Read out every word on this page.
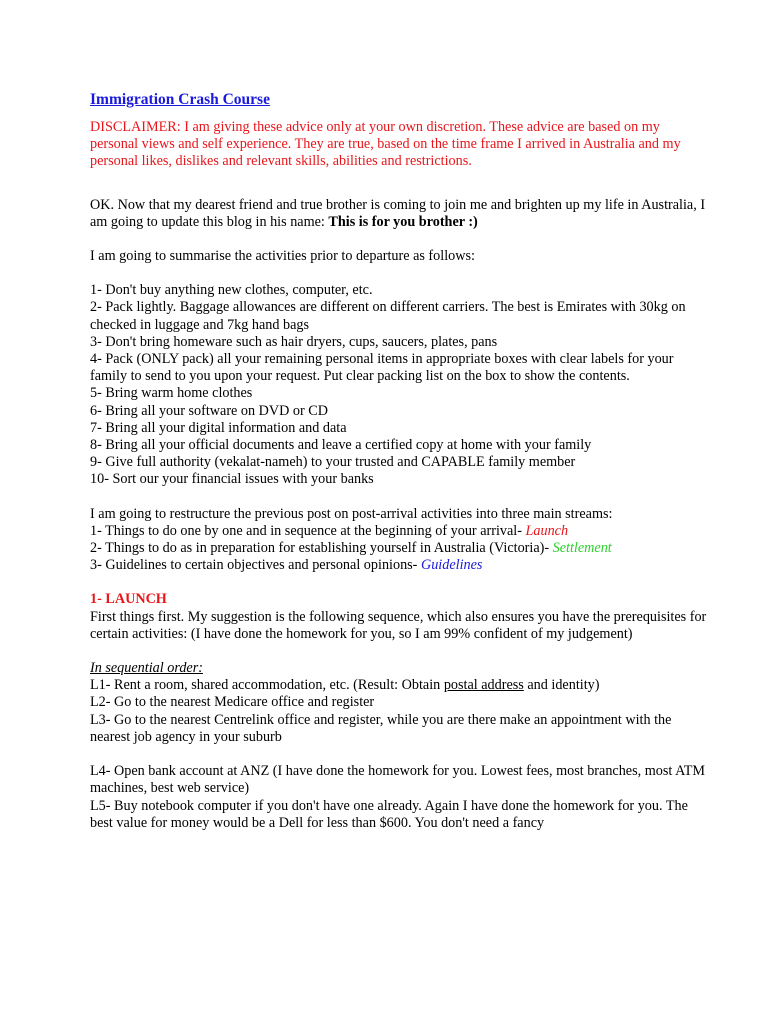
Immigration Crash Course

DISCLAIMER: I am giving these advice only at your own discretion. These advice are based on my personal views and self experience. They are true, based on the time frame I arrived in Australia and my personal likes, dislikes and relevant skills, abilities and restrictions.

OK. Now that my dearest friend and true brother is coming to join me and brighten up my life in Australia, I am going to update this blog in his name: This is for you brother :)

I am going to summarise the activities prior to departure as follows:

1- Don't buy anything new clothes, computer, etc.

2- Pack lightly. Baggage allowances are different on different carriers. The best is Emirates with 30kg on checked in luggage and 7kg hand bags

3- Don't bring homeware such as hair dryers, cups, saucers, plates, pans

4- Pack (ONLY pack) all your remaining personal items in appropriate boxes with clear labels for your family to send to you upon your request. Put clear packing list on the box to show the contents.

5- Bring warm home clothes

6- Bring all your software on DVD or CD

7- Bring all your digital information and data

8- Bring all your official documents and leave a certified copy at home with your family

9- Give full authority (vekalat-nameh) to your trusted and CAPABLE family member

10- Sort our your financial issues with your banks

I am going to restructure the previous post on post-arrival activities into three main streams:

1- Things to do one by one and in sequence at the beginning of your arrival- Launch

2- Things to do as in preparation for establishing yourself in Australia (Victoria)- Settlement

3- Guidelines to certain objectives and personal opinions- Guidelines

1- LAUNCH

First things first. My suggestion is the following sequence, which also ensures you have the prerequisites for certain activities: (I have done the homework for you, so I am 99% confident of my judgement)

In sequential order:

L1- Rent a room, shared accommodation, etc. (Result: Obtain postal address and identity)

L2- Go to the nearest Medicare office and register

L3- Go to the nearest Centrelink office and register, while you are there make an appointment with the nearest job agency in your suburb

L4- Open bank account at ANZ (I have done the homework for you. Lowest fees, most branches, most ATM machines, best web service)

L5- Buy notebook computer if you don't have one already. Again I have done the homework for you. The best value for money would be a Dell for less than $600. You don't need a fancy
